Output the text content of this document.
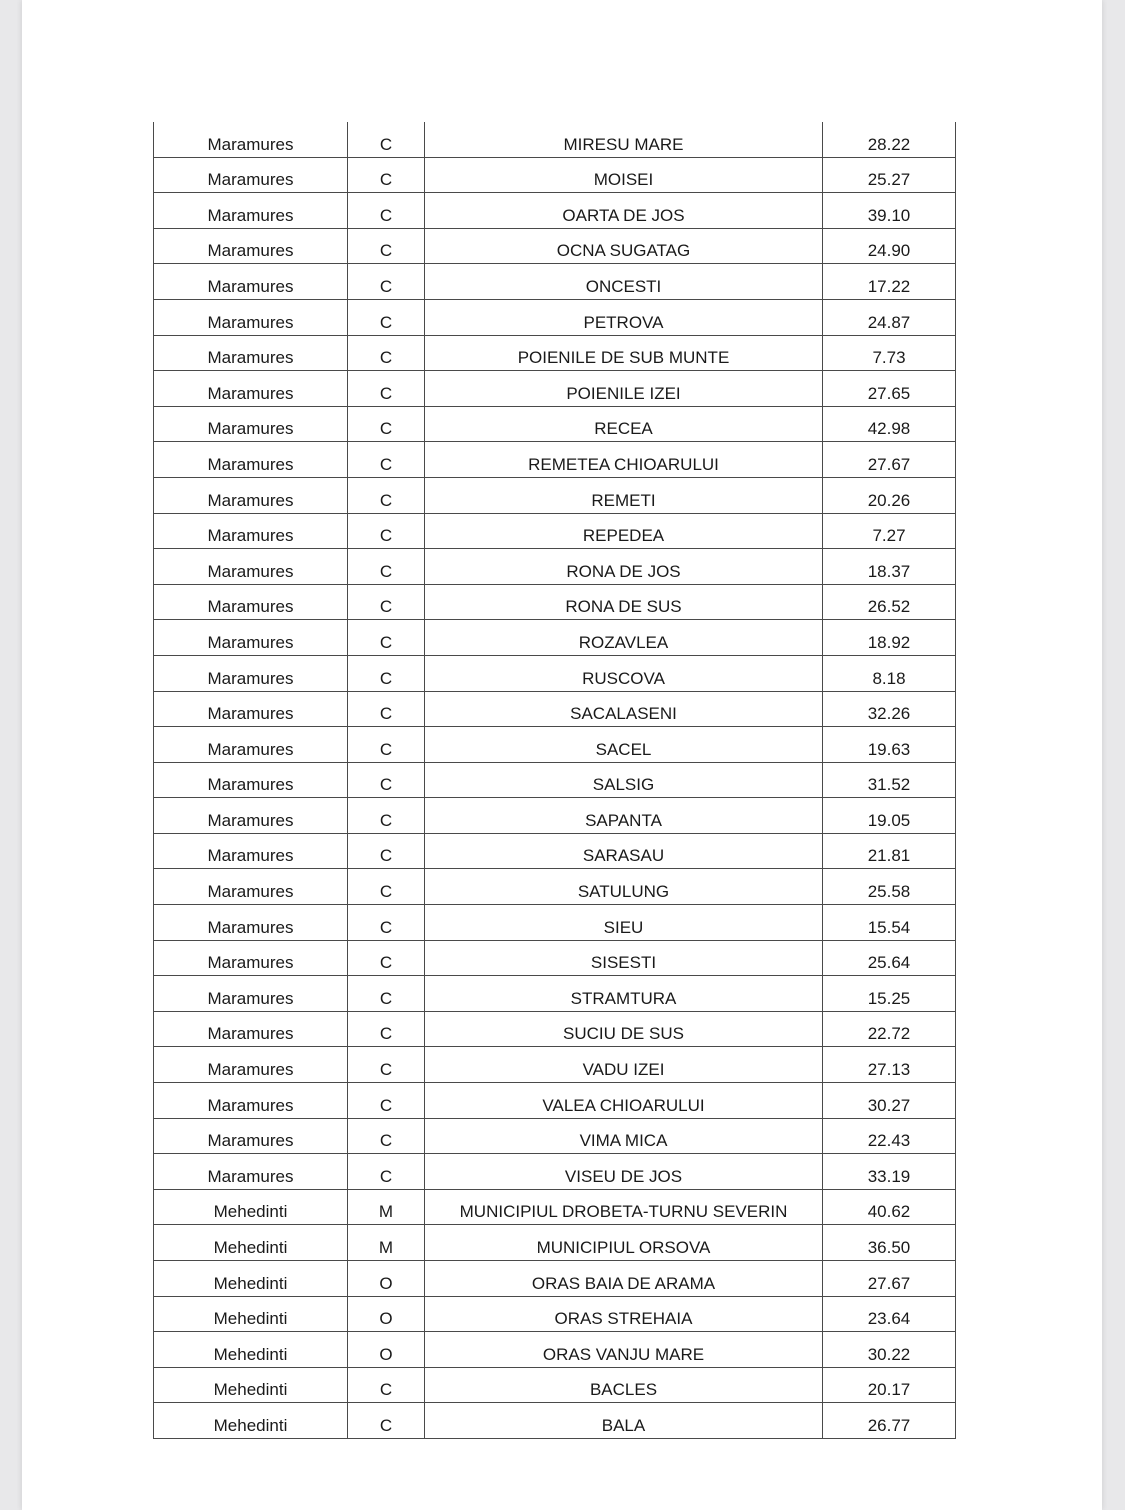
Maramures	C	MIRESU MARE	28.22
Maramures	C	MOISEI	25.27
Maramures	C	OARTA DE JOS	39.10
Maramures	C	OCNA SUGATAG	24.90
Maramures	C	ONCESTI	17.22
Maramures	C	PETROVA	24.87
Maramures	C	POIENILE DE SUB MUNTE	7.73
Maramures	C	POIENILE IZEI	27.65
Maramures	C	RECEA	42.98
Maramures	C	REMETEA CHIOARULUI	27.67
Maramures	C	REMETI	20.26
Maramures	C	REPEDEA	7.27
Maramures	C	RONA DE JOS	18.37
Maramures	C	RONA DE SUS	26.52
Maramures	C	ROZAVLEA	18.92
Maramures	C	RUSCOVA	8.18
Maramures	C	SACALASENI	32.26
Maramures	C	SACEL	19.63
Maramures	C	SALSIG	31.52
Maramures	C	SAPANTA	19.05
Maramures	C	SARASAU	21.81
Maramures	C	SATULUNG	25.58
Maramures	C	SIEU	15.54
Maramures	C	SISESTI	25.64
Maramures	C	STRAMTURA	15.25
Maramures	C	SUCIU DE SUS	22.72
Maramures	C	VADU IZEI	27.13
Maramures	C	VALEA CHIOARULUI	30.27
Maramures	C	VIMA MICA	22.43
Maramures	C	VISEU DE JOS	33.19
Mehedinti	M	MUNICIPIUL DROBETA-TURNU SEVERIN	40.62
Mehedinti	M	MUNICIPIUL ORSOVA	36.50
Mehedinti	O	ORAS BAIA DE ARAMA	27.67
Mehedinti	O	ORAS STREHAIA	23.64
Mehedinti	O	ORAS VANJU MARE	30.22
Mehedinti	C	BACLES	20.17
Mehedinti	C	BALA	26.77
